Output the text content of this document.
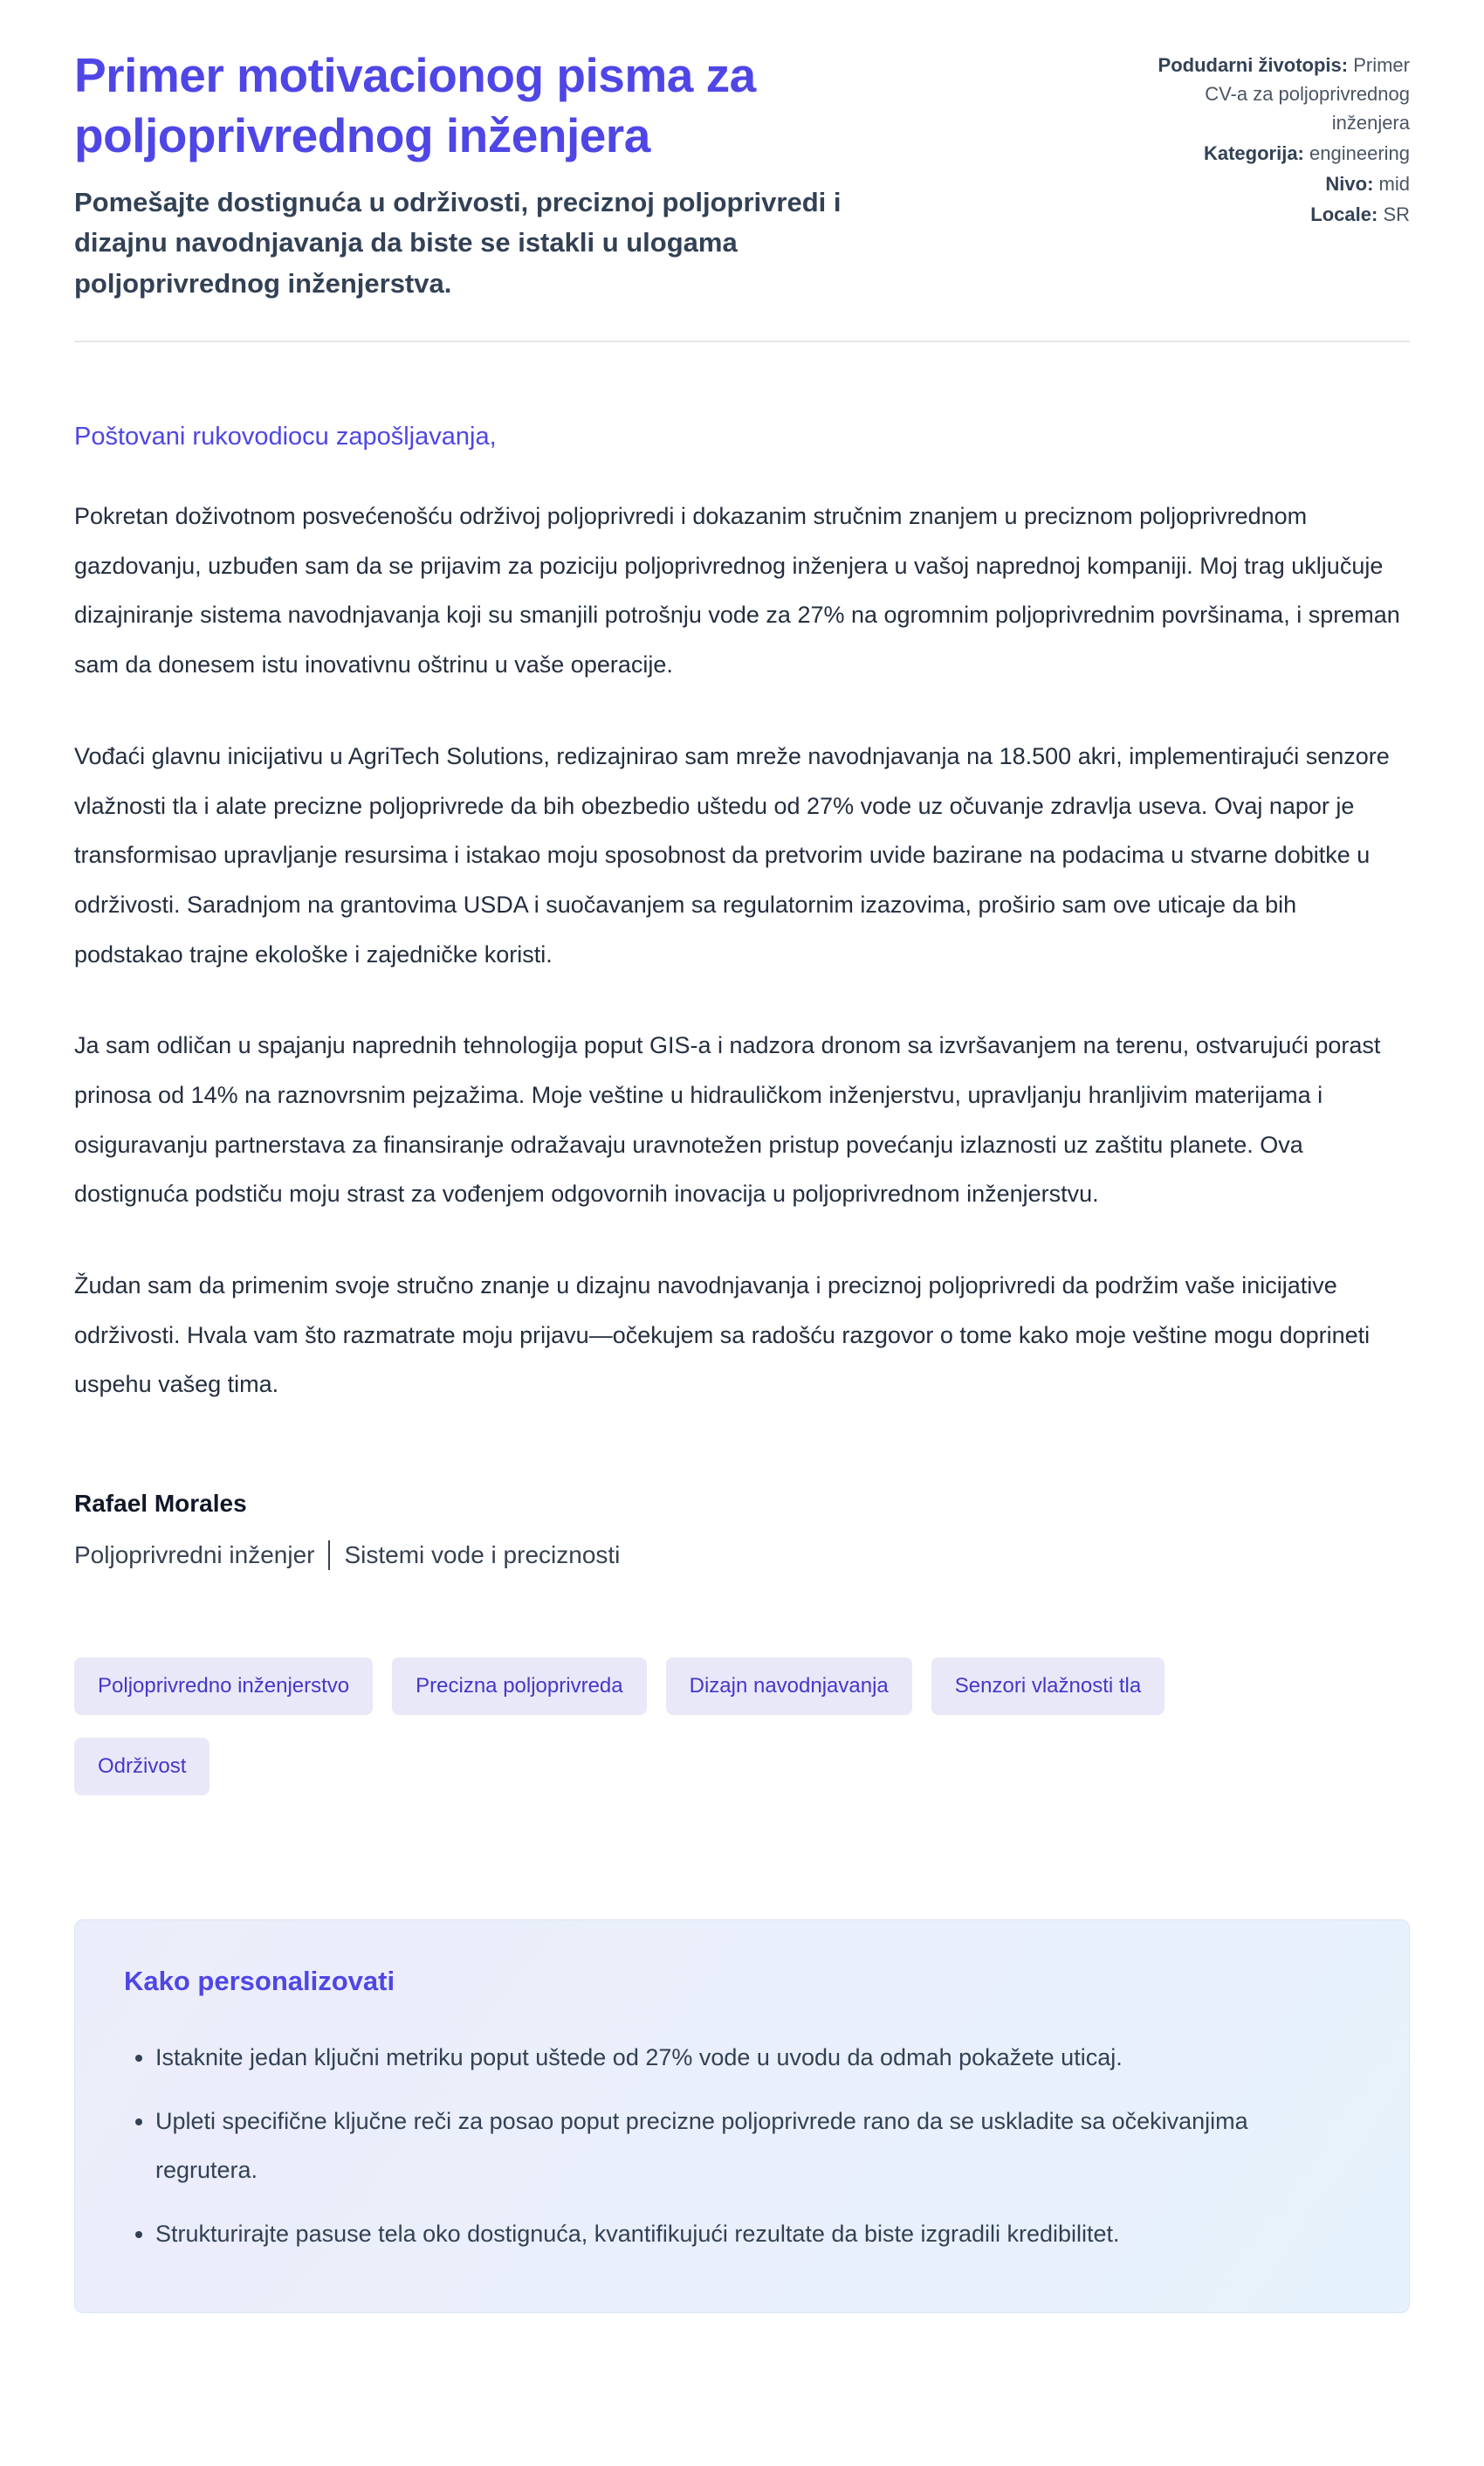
Primer motivacionog pisma za poljoprivrednog inženjera
Pomešajte dostignuća u održivosti, preciznoj poljoprivredi i dizajnu navodnjavanja da biste se istakli u ulogama poljoprivrednog inženjerstva.
Podudarni životopis: Primer CV-a za poljoprivrednog inženjera
Kategorija: engineering
Nivo: mid
Locale: SR
Poštovani rukovodiocu zapošljavanja,

Pokretan doživotnom posvećenošću održivoj poljoprivredi i dokazanim stručnim znanjem u preciznom poljoprivrednom gazdovanju, uzbuđen sam da se prijavim za poziciju poljoprivrednog inženjera u vašoj naprednoj kompaniji. Moj trag uključuje dizajniranje sistema navodnjavanja koji su smanjili potrošnju vode za 27% na ogromnim poljoprivrednim površinama, i spreman sam da donesem istu inovativnu oštrinu u vaše operacije.

Vođaći glavnu inicijativu u AgriTech Solutions, redizajnirao sam mreže navodnjavanja na 18.500 akri, implementirajući senzore vlažnosti tla i alate precizne poljoprivrede da bih obezbedio uštedu od 27% vode uz očuvanje zdravlja useva. Ovaj napor je transformisao upravljanje resursima i istakao moju sposobnost da pretvorim uvide bazirane na podacima u stvarne dobitke u održivosti. Saradnjom na grantovima USDA i suočavanjem sa regulatornim izazovima, proširio sam ove uticaje da bih podstakao trajne ekološke i zajedničke koristi.

Ja sam odličan u spajanju naprednih tehnologija poput GIS-a i nadzora dronom sa izvršavanjem na terenu, ostvarujući porast prinosa od 14% na raznovrsnim pejzažima. Moje veštine u hidrauličkom inženjerstvu, upravljanju hranljivim materijama i osiguravanju partnerstava za finansiranje odražavaju uravnotežen pristup povećanju izlaznosti uz zaštitu planete. Ova dostignuća podstiču moju strast za vođenjem odgovornih inovacija u poljoprivrednom inženjerstvu.

Žudan sam da primenim svoje stručno znanje u dizajnu navodnjavanja i preciznoj poljoprivredi da podržim vaše inicijative održivosti. Hvala vam što razmatrate moju prijavu—očekujem sa radošću razgovor o tome kako moje veštine mogu doprineti uspehu vašeg tima.

Rafael Morales
Poljoprivredni inženjer Sistemi vode i preciznosti
Poljoprivredno inženjerstvo	Precizna poljoprivreda	Dizajn navodnjavanja	Senzori vlažnosti tla
Održivost
Kako personalizovati
• Istaknite jedan ključni metriku poput uštede od 27% vode u uvodu da odmah pokažete uticaj.
• Upleti specifične ključne reči za posao poput precizne poljoprivrede rano da se uskladite sa očekivanjima regrutera.
• Strukturirajte pasuse tela oko dostignuća, kvantifikujući rezultate da biste izgradili kredibilitet.
